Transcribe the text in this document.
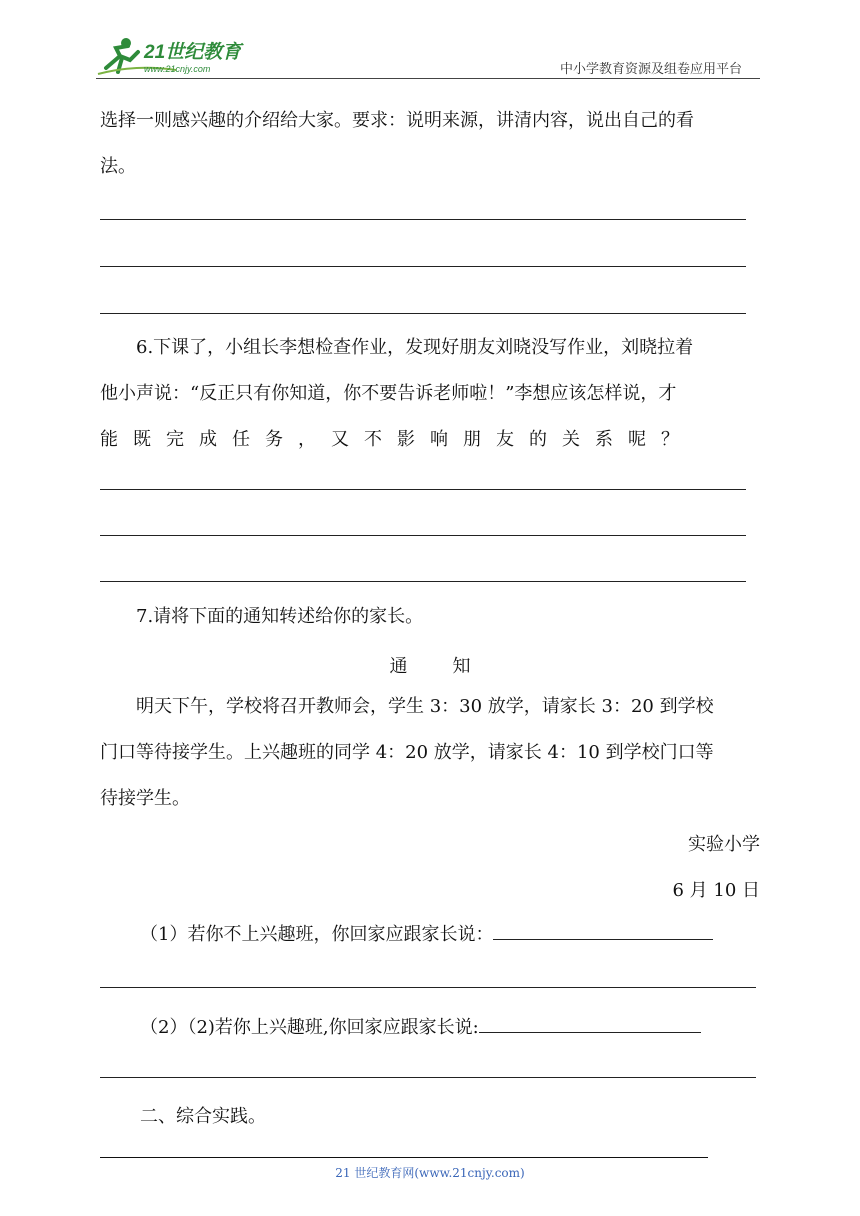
21世纪教育
www.21cnjy.com	中小学教育资源及组卷应用平台
选择一则感兴趣的介绍给大家。要求：说明来源，讲清内容，说出自己的看
法。
6.下课了，小组长李想检查作业，发现好朋友刘晓没写作业，刘晓拉着
他小声说：“反正只有你知道，你不要告诉老师啦！”李想应该怎样说，才
能既完成任务，又不影响朋友的关系呢？
7.请将下面的通知转述给你的家长。
通知
明天下午，学校将召开教师会，学生 3：30 放学，请家长 3：20 到学校
门口等待接学生。上兴趣班的同学 4：20 放学，请家长 4：10 到学校门口等
待接学生。
实验小学
6 月 10 日
（1）若你不上兴趣班，你回家应跟家长说：
（2）（2)若你上兴趣班,你回家应跟家长说:
二、综合实践。
21 世纪教育网(www.21cnjy.com)
